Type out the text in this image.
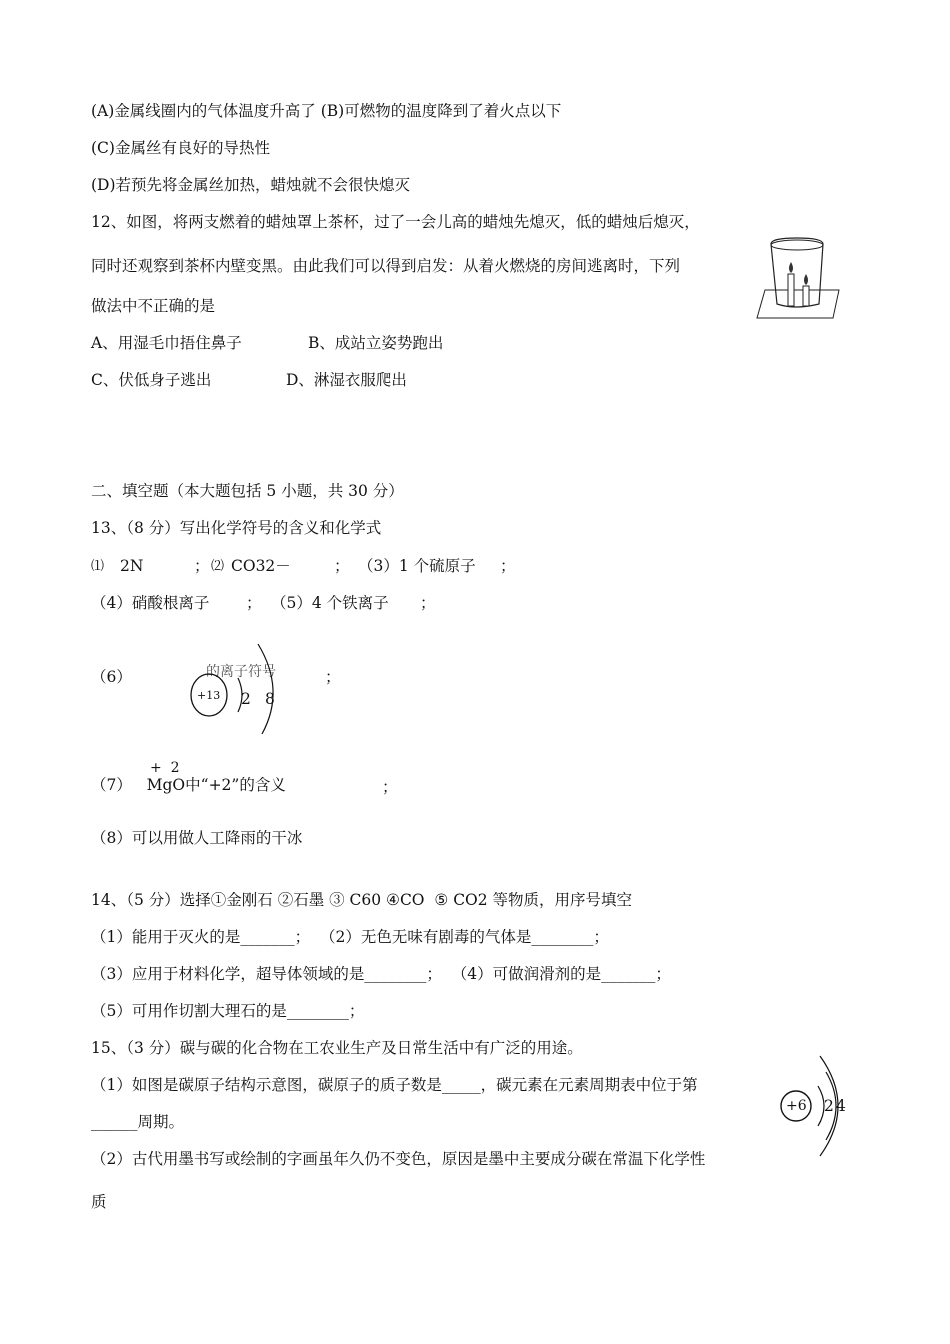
(A)金属线圈内的气体温度升高了 (B)可燃物的温度降到了着火点以下
(C)金属丝有良好的导热性
(D)若预先将金属丝加热，蜡烛就不会很快熄灭
12、如图，将两支燃着的蜡烛罩上茶杯，过了一会儿高的蜡烛先熄灭，低的蜡烛后熄灭，
同时还观察到茶杯内壁变黑。由此我们可以得到启发：从着火燃烧的房间逃离时，下列
做法中不正确的是
A、用湿毛巾捂住鼻子	B、成站立姿势跑出
C、伏低身子逃出	D、淋湿衣服爬出
二、填空题（本大题包括 5 小题，共 30 分）
13、（8 分）写出化学符号的含义和化学式
⑴ 2N	； ⑵ CO32－	； （3）1 个硫原子 ；
（4）硝酸根离子 ； （5）4 个铁离子 ；
（6）	的离子符号
+13 2 8
；
+  2
（7）   MgO中“+2”的含义	；
（8）可以用做人工降雨的干冰
14、（5 分）选择①金刚石 ②石墨 ③ C60 ④CO  ⑤ CO2 等物质，用序号填空
（1）能用于灭火的是_______；  （2）无色无味有剧毒的气体是________；
（3）应用于材料化学，超导体领域的是________；  （4）可做润滑剂的是_______；
（5）可用作切割大理石的是________；
15、（3 分）碳与碳的化合物在工农业生产及日常生活中有广泛的用途。
（1）如图是碳原子结构示意图，碳原子的质子数是_____，碳元素在元素周期表中位于第
______周期。
（2）古代用墨书写或绘制的字画虽年久仍不变色，原因是墨中主要成分碳在常温下化学性
质
+6 2 4
